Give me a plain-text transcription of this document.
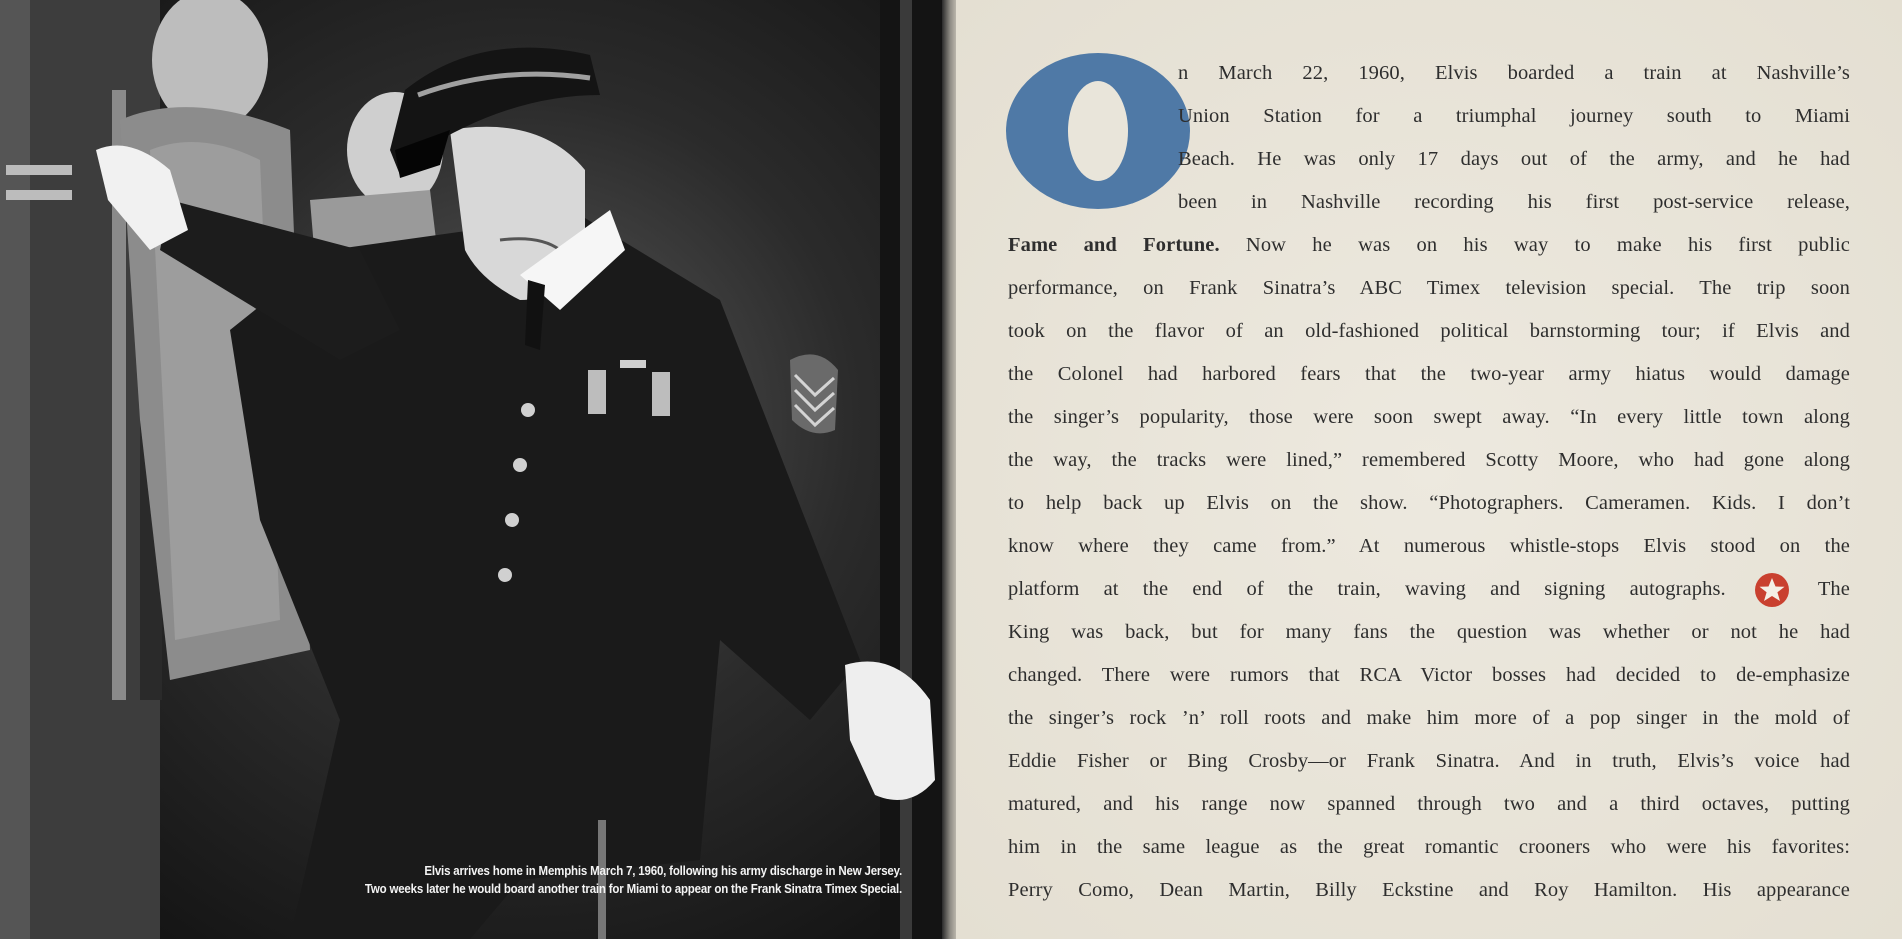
Elvis arrives home in Memphis March 7, 1960, following his army discharge in New Jersey.
Two weeks later he would board another train for Miami to appear on the Frank Sinatra Timex Special.
n March 22, 1960, Elvis boarded a train at Nashville’s
Union Station for a triumphal journey south to Miami
Beach. He was only 17 days out of the army, and he had
been in Nashville recording his first post-service release,
Fame and Fortune. Now he was on his way to make his first public
performance, on Frank Sinatra’s ABC Timex television special. The trip soon
took on the flavor of an old-fashioned political barnstorming tour; if Elvis and
the Colonel had harbored fears that the two-year army hiatus would damage
the singer’s popularity, those were soon swept away. “In every little town along
the way, the tracks were lined,” remembered Scotty Moore, who had gone along
to help back up Elvis on the show. “Photographers. Cameramen. Kids. I don’t
know where they came from.” At numerous whistle-stops Elvis stood on the
platform at the end of the train, waving and signing autographs.	The
King was back, but for many fans the question was whether or not he had
changed. There were rumors that RCA Victor bosses had decided to de-emphasize
the singer’s rock ’n’ roll roots and make him more of a pop singer in the mold of
Eddie Fisher or Bing Crosby—or Frank Sinatra. And in truth, Elvis’s voice had
matured, and his range now spanned through two and a third octaves, putting
him in the same league as the great romantic crooners who were his favorites:
Perry Como, Dean Martin, Billy Eckstine and Roy Hamilton. His appearance
